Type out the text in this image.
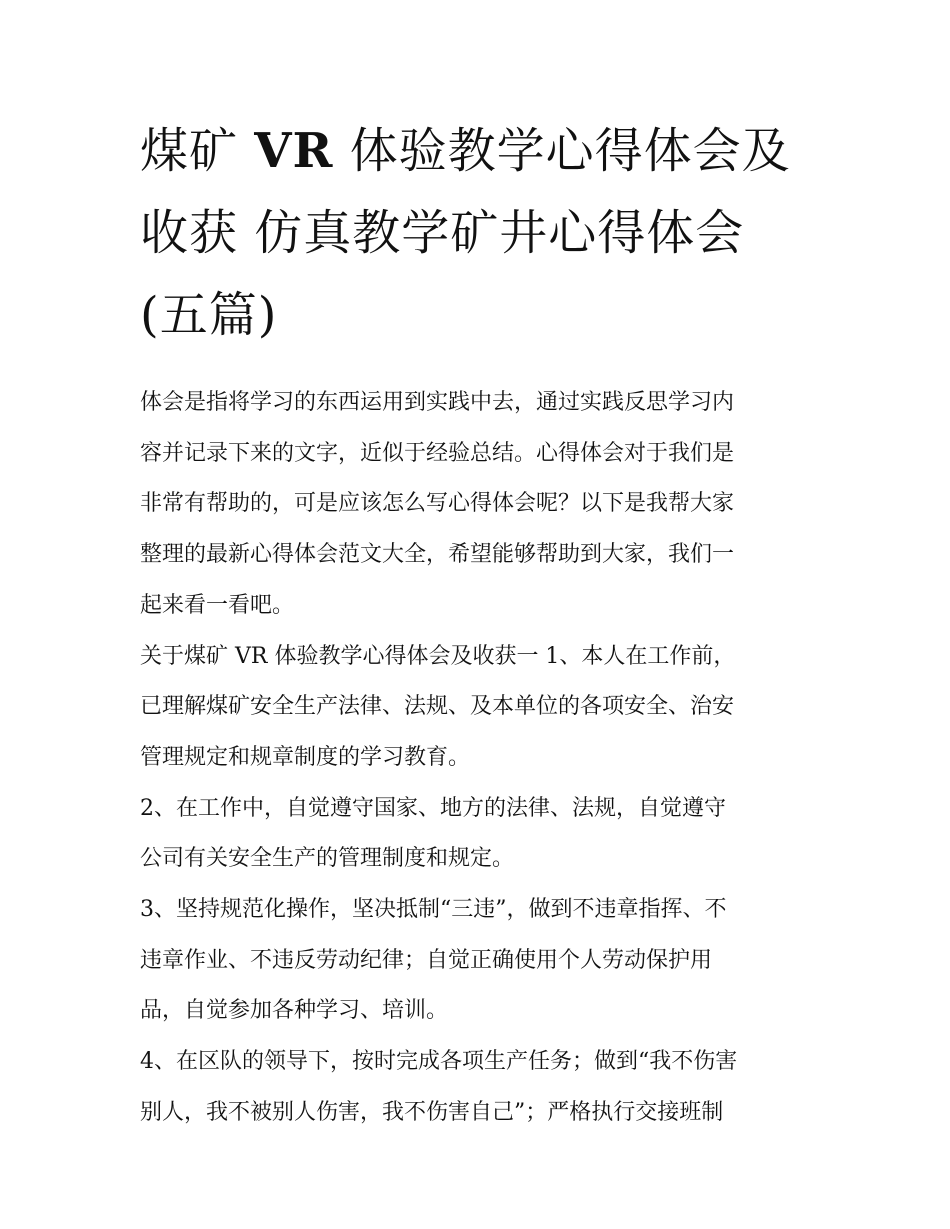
煤矿 VR 体验教学心得体会及
收获 仿真教学矿井心得体会
(五篇)

体会是指将学习的东西运用到实践中去，通过实践反思学习内
容并记录下来的文字，近似于经验总结。心得体会对于我们是
非常有帮助的，可是应该怎么写心得体会呢？以下是我帮大家
整理的最新心得体会范文大全，希望能够帮助到大家，我们一
起来看一看吧。

关于煤矿 VR 体验教学心得体会及收获一 1、本人在工作前，
已理解煤矿安全生产法律、法规、及本单位的各项安全、治安
管理规定和规章制度的学习教育。

2、在工作中，自觉遵守国家、地方的法律、法规，自觉遵守
公司有关安全生产的管理制度和规定。

3、坚持规范化操作，坚决抵制“三违”，做到不违章指挥、不
违章作业、不违反劳动纪律；自觉正确使用个人劳动保护用
品，自觉参加各种学习、培训。

4、在区队的领导下，按时完成各项生产任务；做到“我不伤害
别人，我不被别人伤害，我不伤害自己”；严格执行交接班制
